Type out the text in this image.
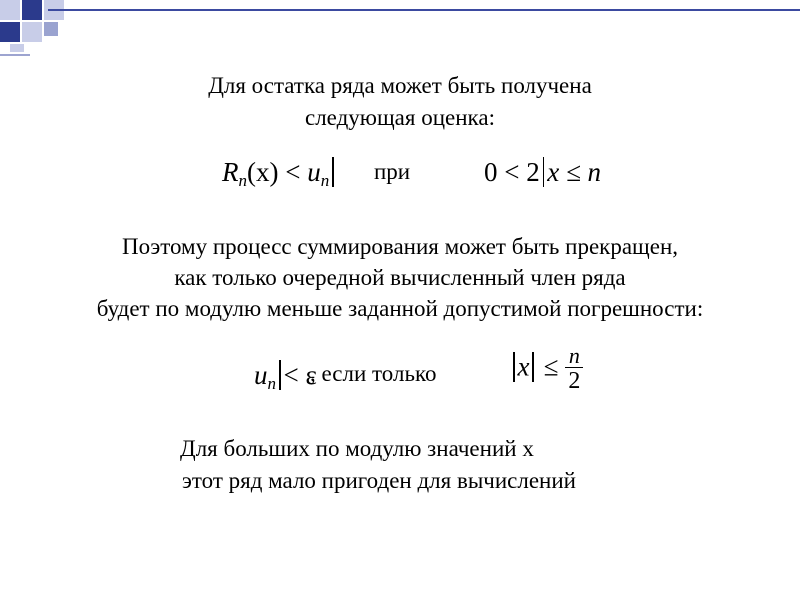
Для остатка ряда может быть получена
следующая оценка:
$R_n(x) < u_n$	при	0 < 2 x ≤ n
Поэтому процесс суммирования может быть прекращен,
как только очередной вычисленный член ряда
будет по модулю меньше заданной допустимой погрешности:
$u_n < \varepsilon$
, если только	$x \le \frac{n}{2}$
Для больших по модулю значений x
этот ряд мало пригоден для вычислений
